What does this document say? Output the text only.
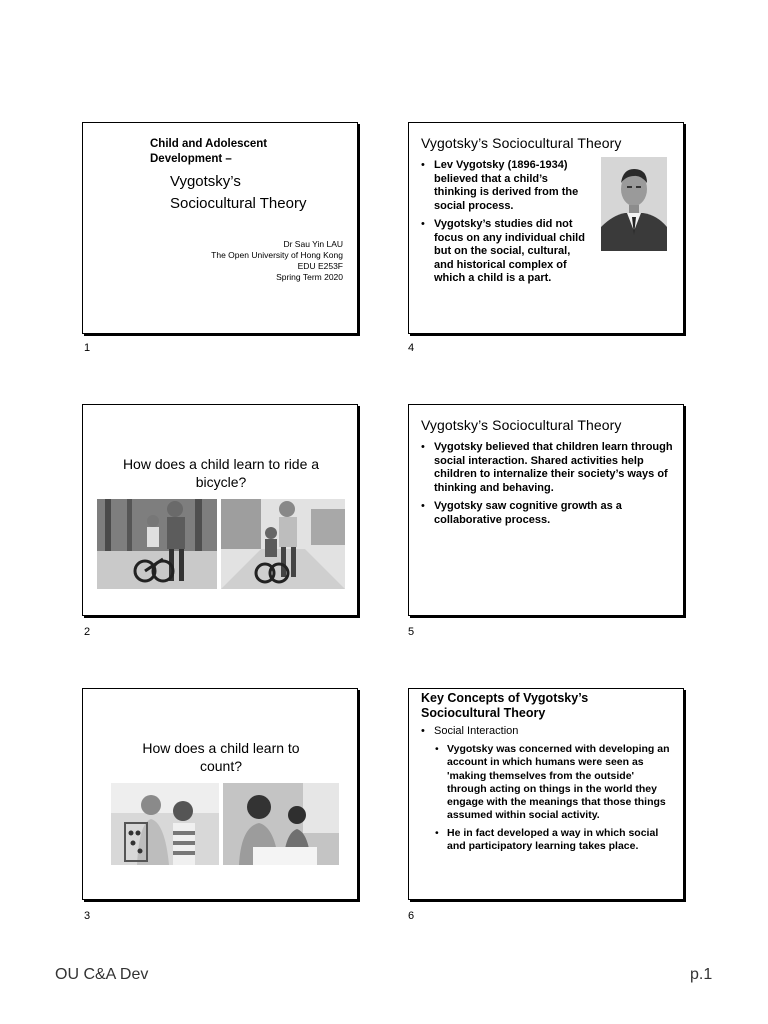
Child and Adolescent Development –
Vygotsky’s
Sociocultural Theory
Dr Sau Yin LAU
The Open University of Hong Kong
EDU E253F
Spring Term 2020
1
Vygotsky’s Sociocultural Theory
• Lev Vygotsky (1896-1934) believed that a child’s thinking is derived from the social process.
• Vygotsky’s studies did not focus on any individual child but on the social, cultural, and historical complex of which a child is a part.
4
How does a child learn to ride a bicycle?
2
Vygotsky’s Sociocultural Theory
• Vygotsky believed that children learn through social interaction. Shared activities help children to internalize their society’s ways of thinking and behaving.
• Vygotsky saw cognitive growth as a collaborative process.
5
How does a child learn to count?
3
Key Concepts of Vygotsky’s
Sociocultural Theory
• Social Interaction
• Vygotsky was concerned with developing an account in which humans were seen as 'making themselves from the outside' through acting on things in the world they engage with the meanings that those things assumed within social activity.
• He in fact developed a way in which social and participatory learning takes place.
6
OU C&A Dev	p.1
